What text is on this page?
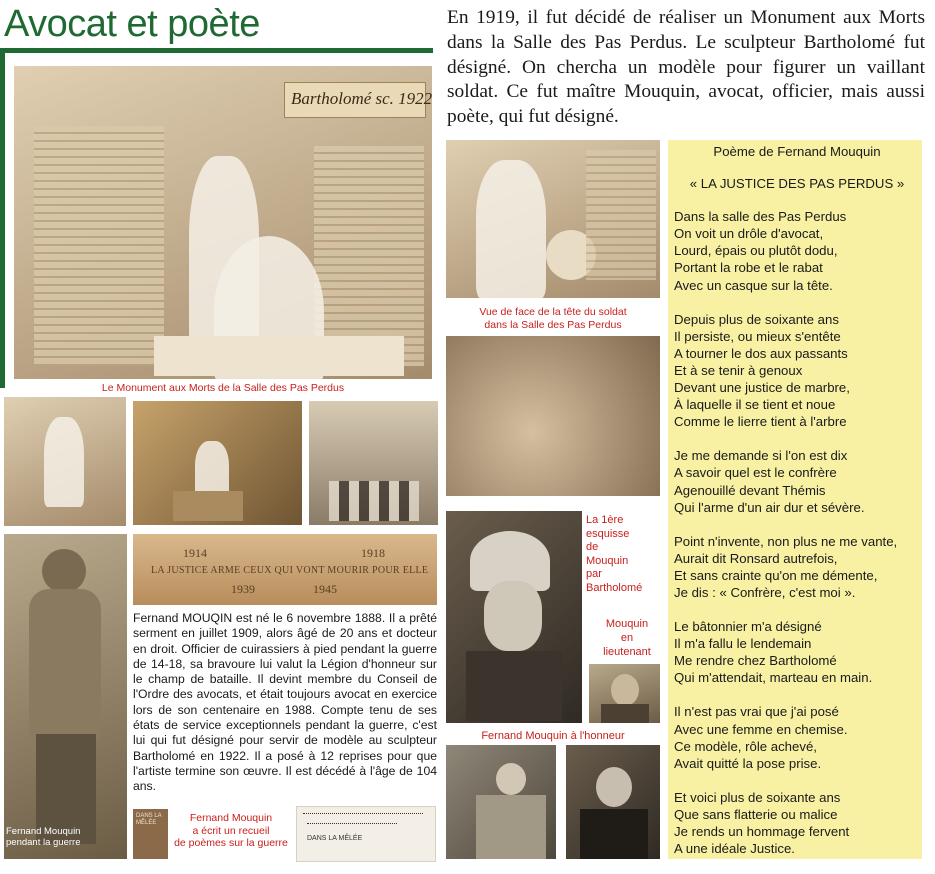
Avocat et poète	En 1919, il fut décidé de réaliser un Monument aux Morts dans la Salle des Pas Perdus. Le sculpteur Bartholomé fut désigné. On chercha un modèle pour figurer un vaillant soldat. Ce fut maître Mouquin, avocat, officier, mais aussi poète, qui fut désigné.
Bartholomé sc. 1922
Le Monument aux Morts de la Salle des Pas Perdus
1914	1918
LA JUSTICE ARME CEUX QUI VONT MOURIR POUR ELLE
1939	1945
Fernand MOUQIN est né le 6 novembre 1888. Il a prêté serment en juillet 1909, alors âgé de 20 ans et docteur en droit. Officier de cuirassiers à pied pendant la guerre de 14-18, sa bravoure lui valut la Légion d'honneur sur le champ de bataille. Il devint membre du Conseil de l'Ordre des avocats, et était toujours avocat en exercice lors de son centenaire en 1988. Compte tenu de ses états de service exceptionnels pendant la guerre, c'est lui qui fut désigné pour servir de modèle au sculpteur Bartholomé en 1922. Il a posé à 12 reprises pour que l'artiste termine son œuvre. Il est décédé à l'âge de 104 ans.
Fernand Mouquin
pendant la guerre
DANS LA
MÊLÉE	Fernand Mouquin
a écrit un recueil
de poèmes sur la guerre	DANS LA MÊLÉE
Vue de face de la tête du soldat
dans la Salle des Pas Perdus
La 1ère
esquisse
de Mouquin
par
Bartholomé
Mouquin
en
lieutenant
Fernand Mouquin à l'honneur
Poème de Fernand Mouquin
« LA JUSTICE DES PAS PERDUS »
Dans la salle des Pas Perdus
On voit un drôle d'avocat,
Lourd, épais ou plutôt dodu,
Portant la robe et le rabat
Avec un casque sur la tête.
Depuis plus de soixante ans
Il persiste, ou mieux s'entête
A tourner le dos aux passants
Et à se tenir à genoux
Devant une justice de marbre,
À laquelle il se tient et noue
Comme le lierre tient à l'arbre
Je me demande si l'on est dix
A savoir quel est le confrère
Agenouillé devant Thémis
Qui l'arme d'un air dur et sévère.
Point n'invente, non plus ne me vante,
Aurait dit Ronsard autrefois,
Et sans crainte qu'on me démente,
Je dis : « Confrère, c'est moi ».
Le bâtonnier m'a désigné
Il m'a fallu le lendemain
Me rendre chez Bartholomé
Qui m'attendait, marteau en main.
Il n'est pas vrai que j'ai posé
Avec une femme en chemise.
Ce modèle, rôle achevé,
Avait quitté la pose prise.
Et voici plus de soixante ans
Que sans flatterie ou malice
Je rends un hommage fervent
A une idéale Justice.
